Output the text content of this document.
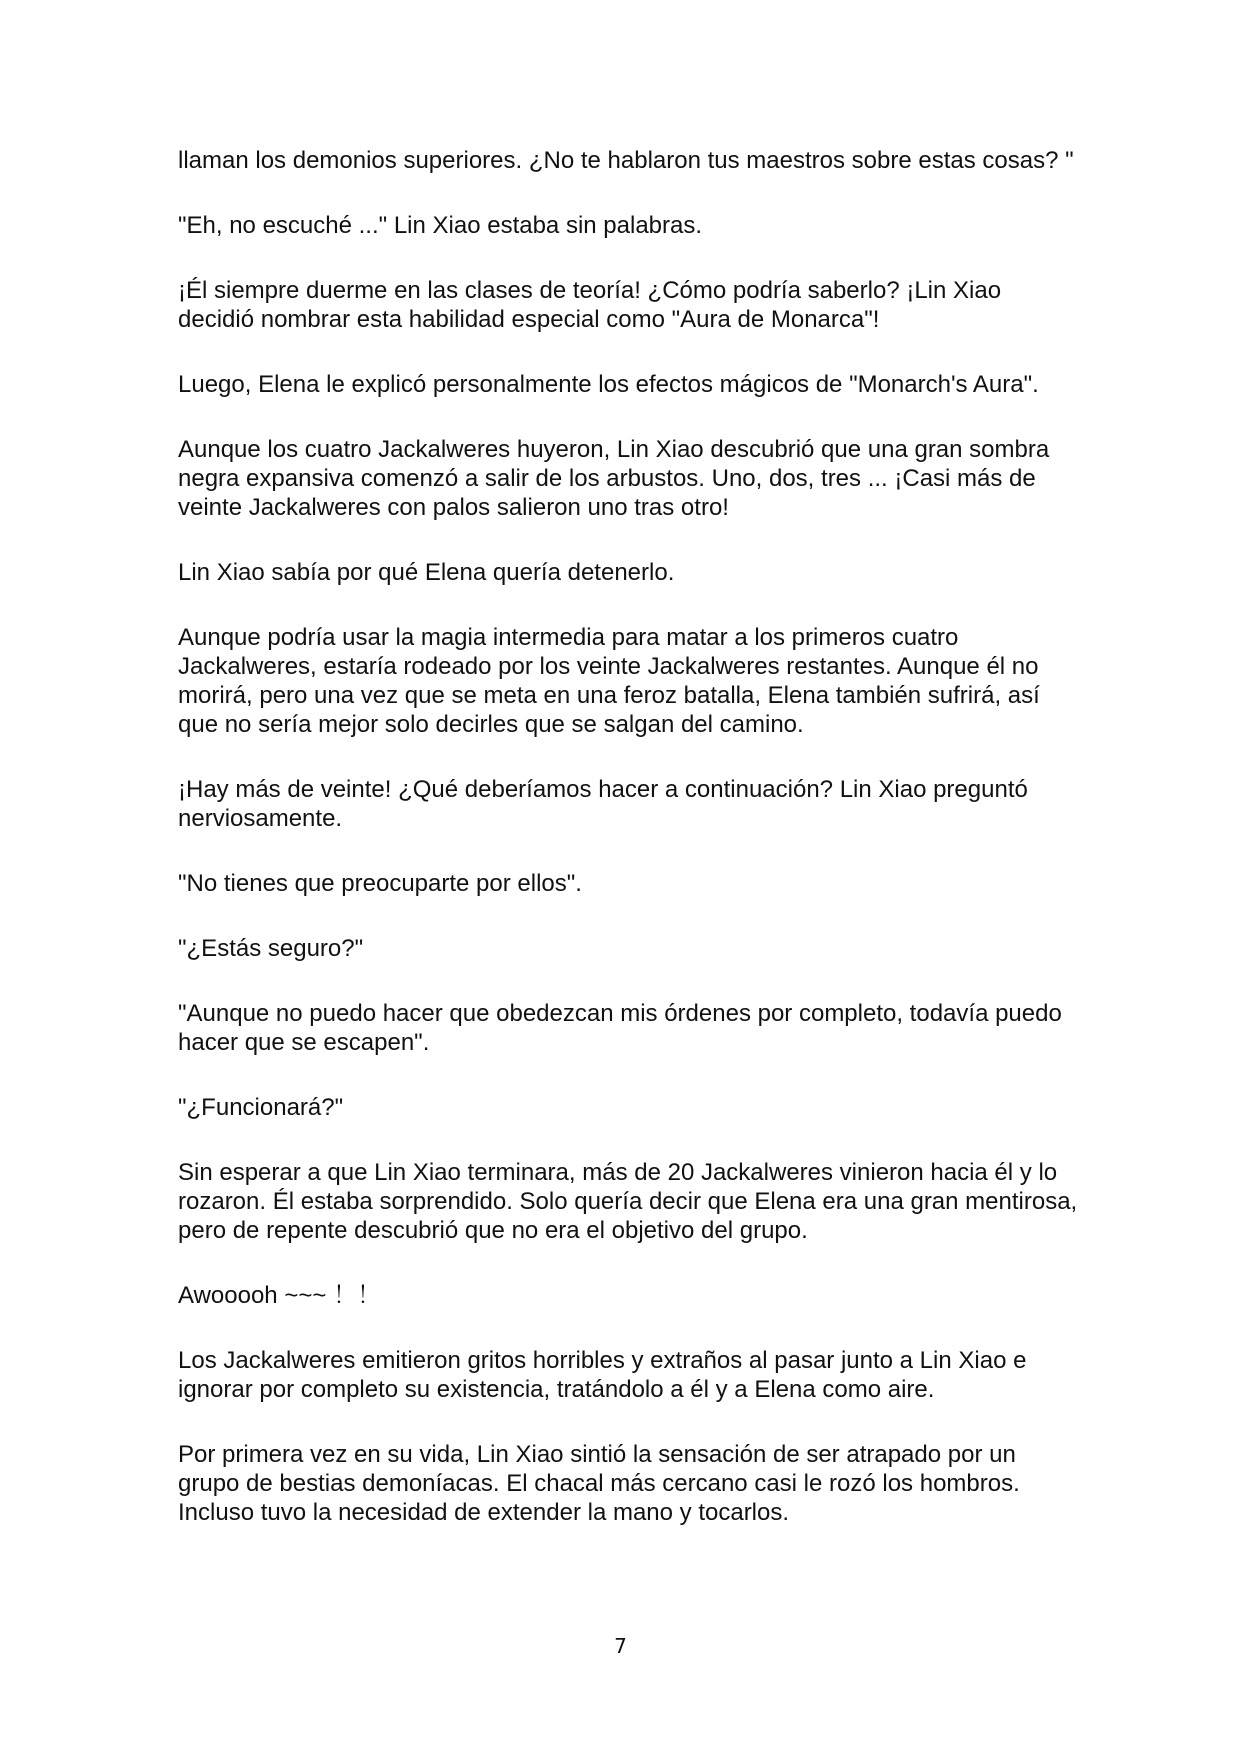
llaman los demonios superiores. ¿No te hablaron tus maestros sobre estas cosas? "

"Eh, no escuché ..." Lin Xiao estaba sin palabras.

¡Él siempre duerme en las clases de teoría! ¿Cómo podría saberlo? ¡Lin Xiao decidió nombrar esta habilidad especial como "Aura de Monarca"!

Luego, Elena le explicó personalmente los efectos mágicos de "Monarch's Aura".

Aunque los cuatro Jackalweres huyeron, Lin Xiao descubrió que una gran sombra negra expansiva comenzó a salir de los arbustos. Uno, dos, tres ... ¡Casi más de veinte Jackalweres con palos salieron uno tras otro!

Lin Xiao sabía por qué Elena quería detenerlo.

Aunque podría usar la magia intermedia para matar a los primeros cuatro Jackalweres, estaría rodeado por los veinte Jackalweres restantes. Aunque él no morirá, pero una vez que se meta en una feroz batalla, Elena también sufrirá, así que no sería mejor solo decirles que se salgan del camino.

¡Hay más de veinte! ¿Qué deberíamos hacer a continuación? Lin Xiao preguntó nerviosamente.

"No tienes que preocuparte por ellos".

"¿Estás seguro?"

"Aunque no puedo hacer que obedezcan mis órdenes por completo, todavía puedo hacer que se escapen".

"¿Funcionará?"

Sin esperar a que Lin Xiao terminara, más de 20 Jackalweres vinieron hacia él y lo rozaron. Él estaba sorprendido. Solo quería decir que Elena era una gran mentirosa, pero de repente descubrió que no era el objetivo del grupo.

Awooooh ~~~ ！！

Los Jackalweres emitieron gritos horribles y extraños al pasar junto a Lin Xiao e ignorar por completo su existencia, tratándolo a él y a Elena como aire.

Por primera vez en su vida, Lin Xiao sintió la sensación de ser atrapado por un grupo de bestias demoníacas. El chacal más cercano casi le rozó los hombros. Incluso tuvo la necesidad de extender la mano y tocarlos.

7
